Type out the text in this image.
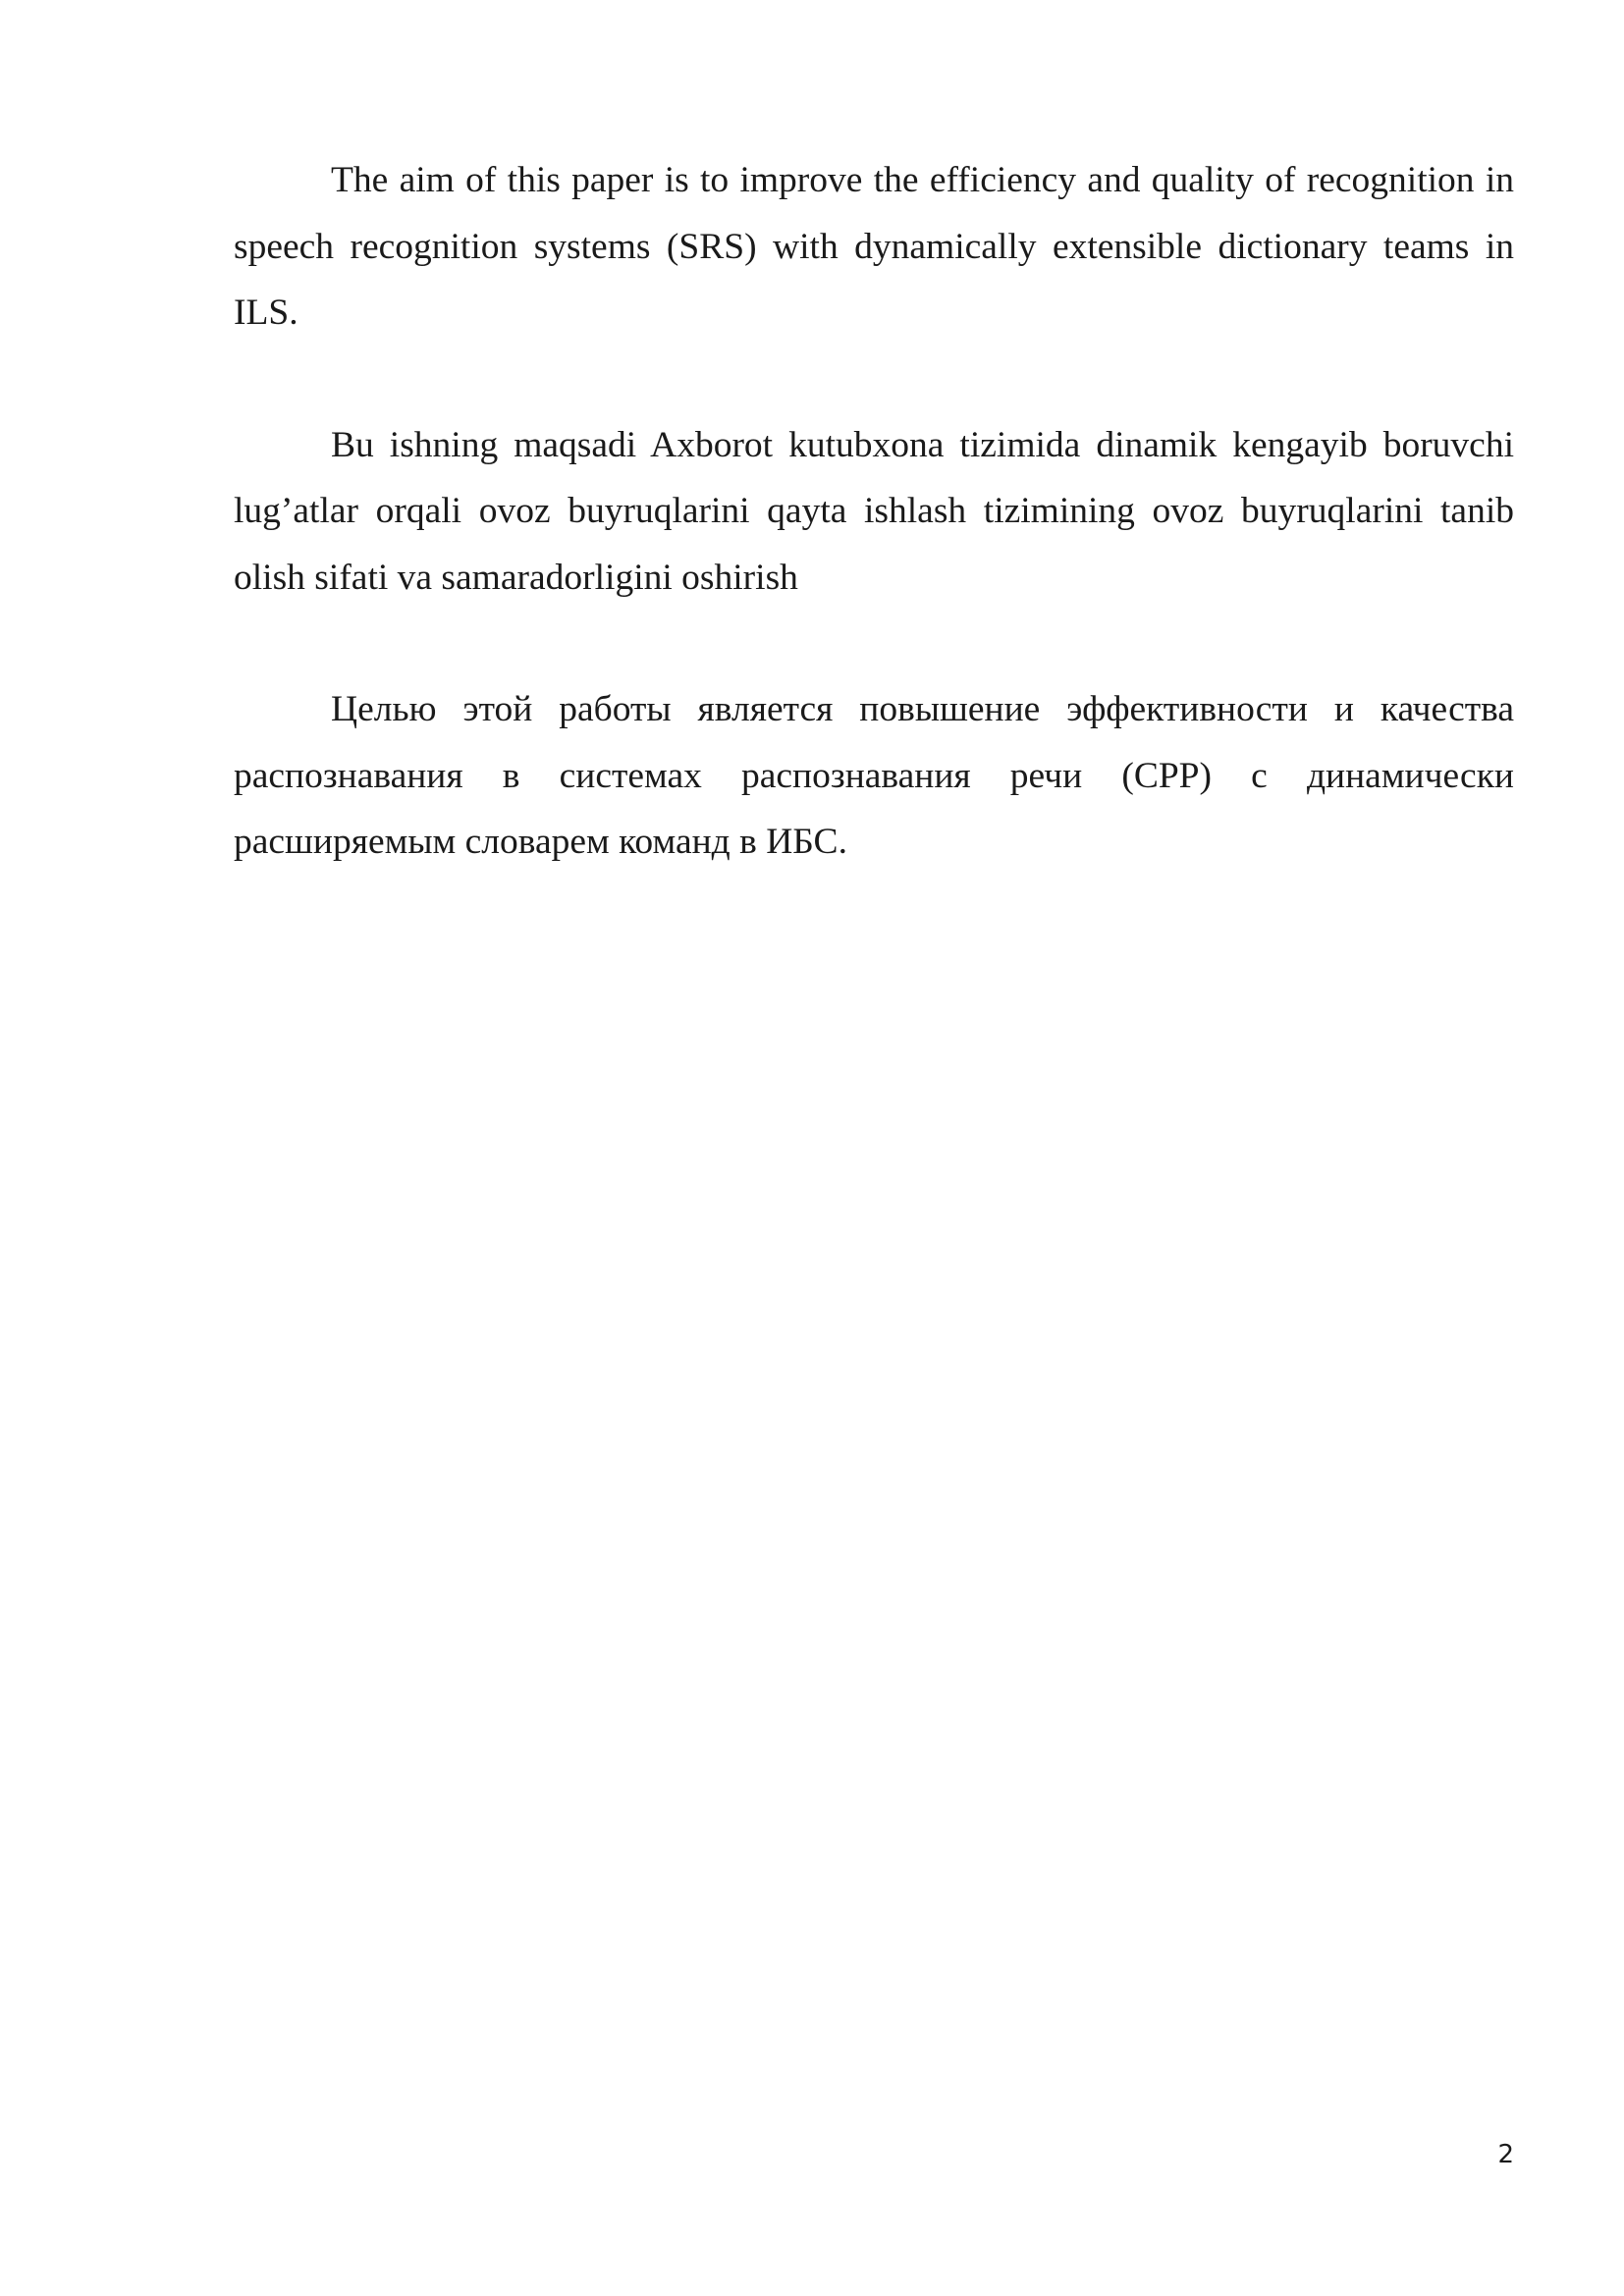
The aim of this paper is to improve the efficiency and quality of recognition in speech recognition systems (SRS) with dynamically extensible dictionary teams in ILS.

Bu ishning maqsadi Axborot kutubxona tizimida dinamik kengayib boruvchi lug’atlar orqali ovoz buyruqlarini qayta ishlash tizimining ovoz buyruqlarini tanib olish sifati va samaradorligini oshirish

Целью этой работы является повышение эффективности и качества распознавания в системах распознавания речи (СРР) с динамически расширяемым словарем команд в ИБС.

2
